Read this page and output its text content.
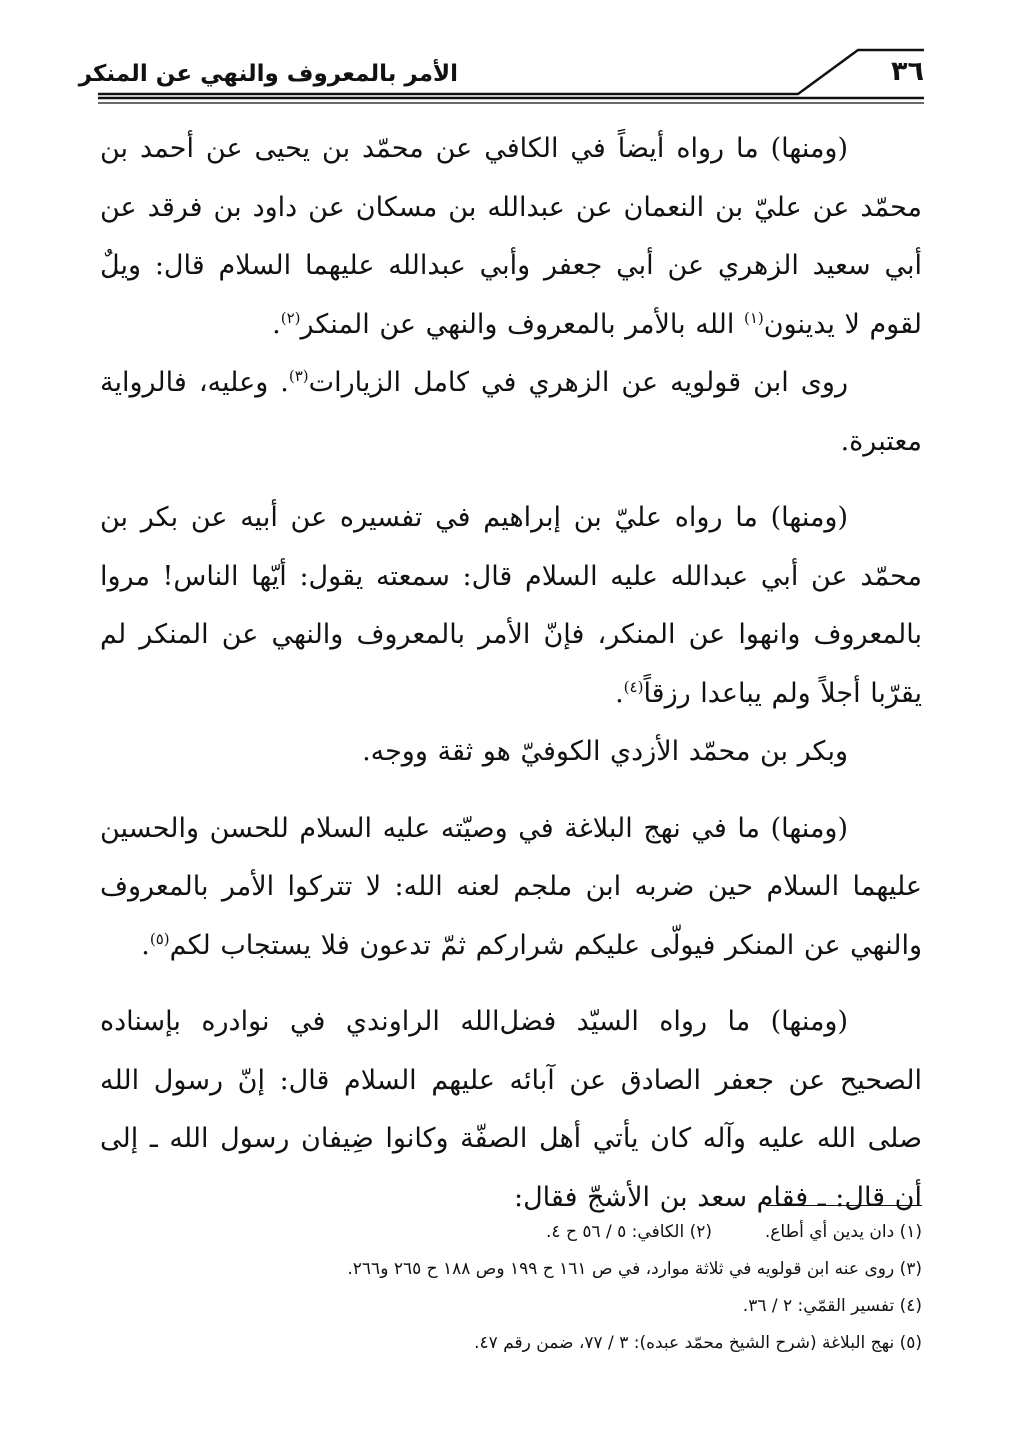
الأمر بالمعروف والنهي عن المنكر	٣٦

(ومنها) ما رواه أيضاً في الكافي عن محمّد بن يحيى عن أحمد بن محمّد عن عليّ بن النعمان عن عبدالله بن مسكان عن داود بن فرقد عن أبي سعيد الزهري عن أبي جعفر وأبي عبدالله عليهما السلام قال: ويلٌ لقوم لا يدينون$^{(١)}$ الله بالأمر بالمعروف والنهي عن المنكر$^{(٢)}$.

روى ابن قولويه عن الزهري في كامل الزيارات$^{(٣)}$. وعليه، فالرواية معتبرة.

(ومنها) ما رواه عليّ بن إبراهيم في تفسيره عن أبيه عن بكر بن محمّد عن أبي عبدالله عليه السلام قال: سمعته يقول: أيّها الناس! مروا بالمعروف وانهوا عن المنكر، فإنّ الأمر بالمعروف والنهي عن المنكر لم يقرّبا أجلاً ولم يباعدا رزقاً$^{(٤)}$.

وبكر بن محمّد الأزدي الكوفيّ هو ثقة ووجه.

(ومنها) ما في نهج البلاغة في وصيّته عليه السلام للحسن والحسين عليهما السلام حين ضربه ابن ملجم لعنه الله: لا تتركوا الأمر بالمعروف والنهي عن المنكر فيولّى عليكم شراركم ثمّ تدعون فلا يستجاب لكم$^{(٥)}$.

(ومنها) ما رواه السيّد فضل‌الله الراوندي في نوادره بإسناده الصحيح عن جعفر الصادق عن آبائه عليهم السلام قال: إنّ رسول الله صلى الله عليه وآله كان يأتي أهل الصفّة وكانوا ضِيفان رسول الله ـ إلى أن قال: ـ فقام سعد بن الأشجّ فقال:

(١) دان يدين أي أطاع.
(٢) الكافي: ٥ / ٥٦ ح ٤.
(٣) روى عنه ابن قولويه في ثلاثة موارد، في ص ١٦١ ح ١٩٩ وص ١٨٨ ح ٢٦٥ و٢٦٦.
(٤) تفسير القمّي: ٢ / ٣٦.
(٥) نهج البلاغة (شرح الشيخ محمّد عبده): ٣ / ٧٧، ضمن رقم ٤٧.
